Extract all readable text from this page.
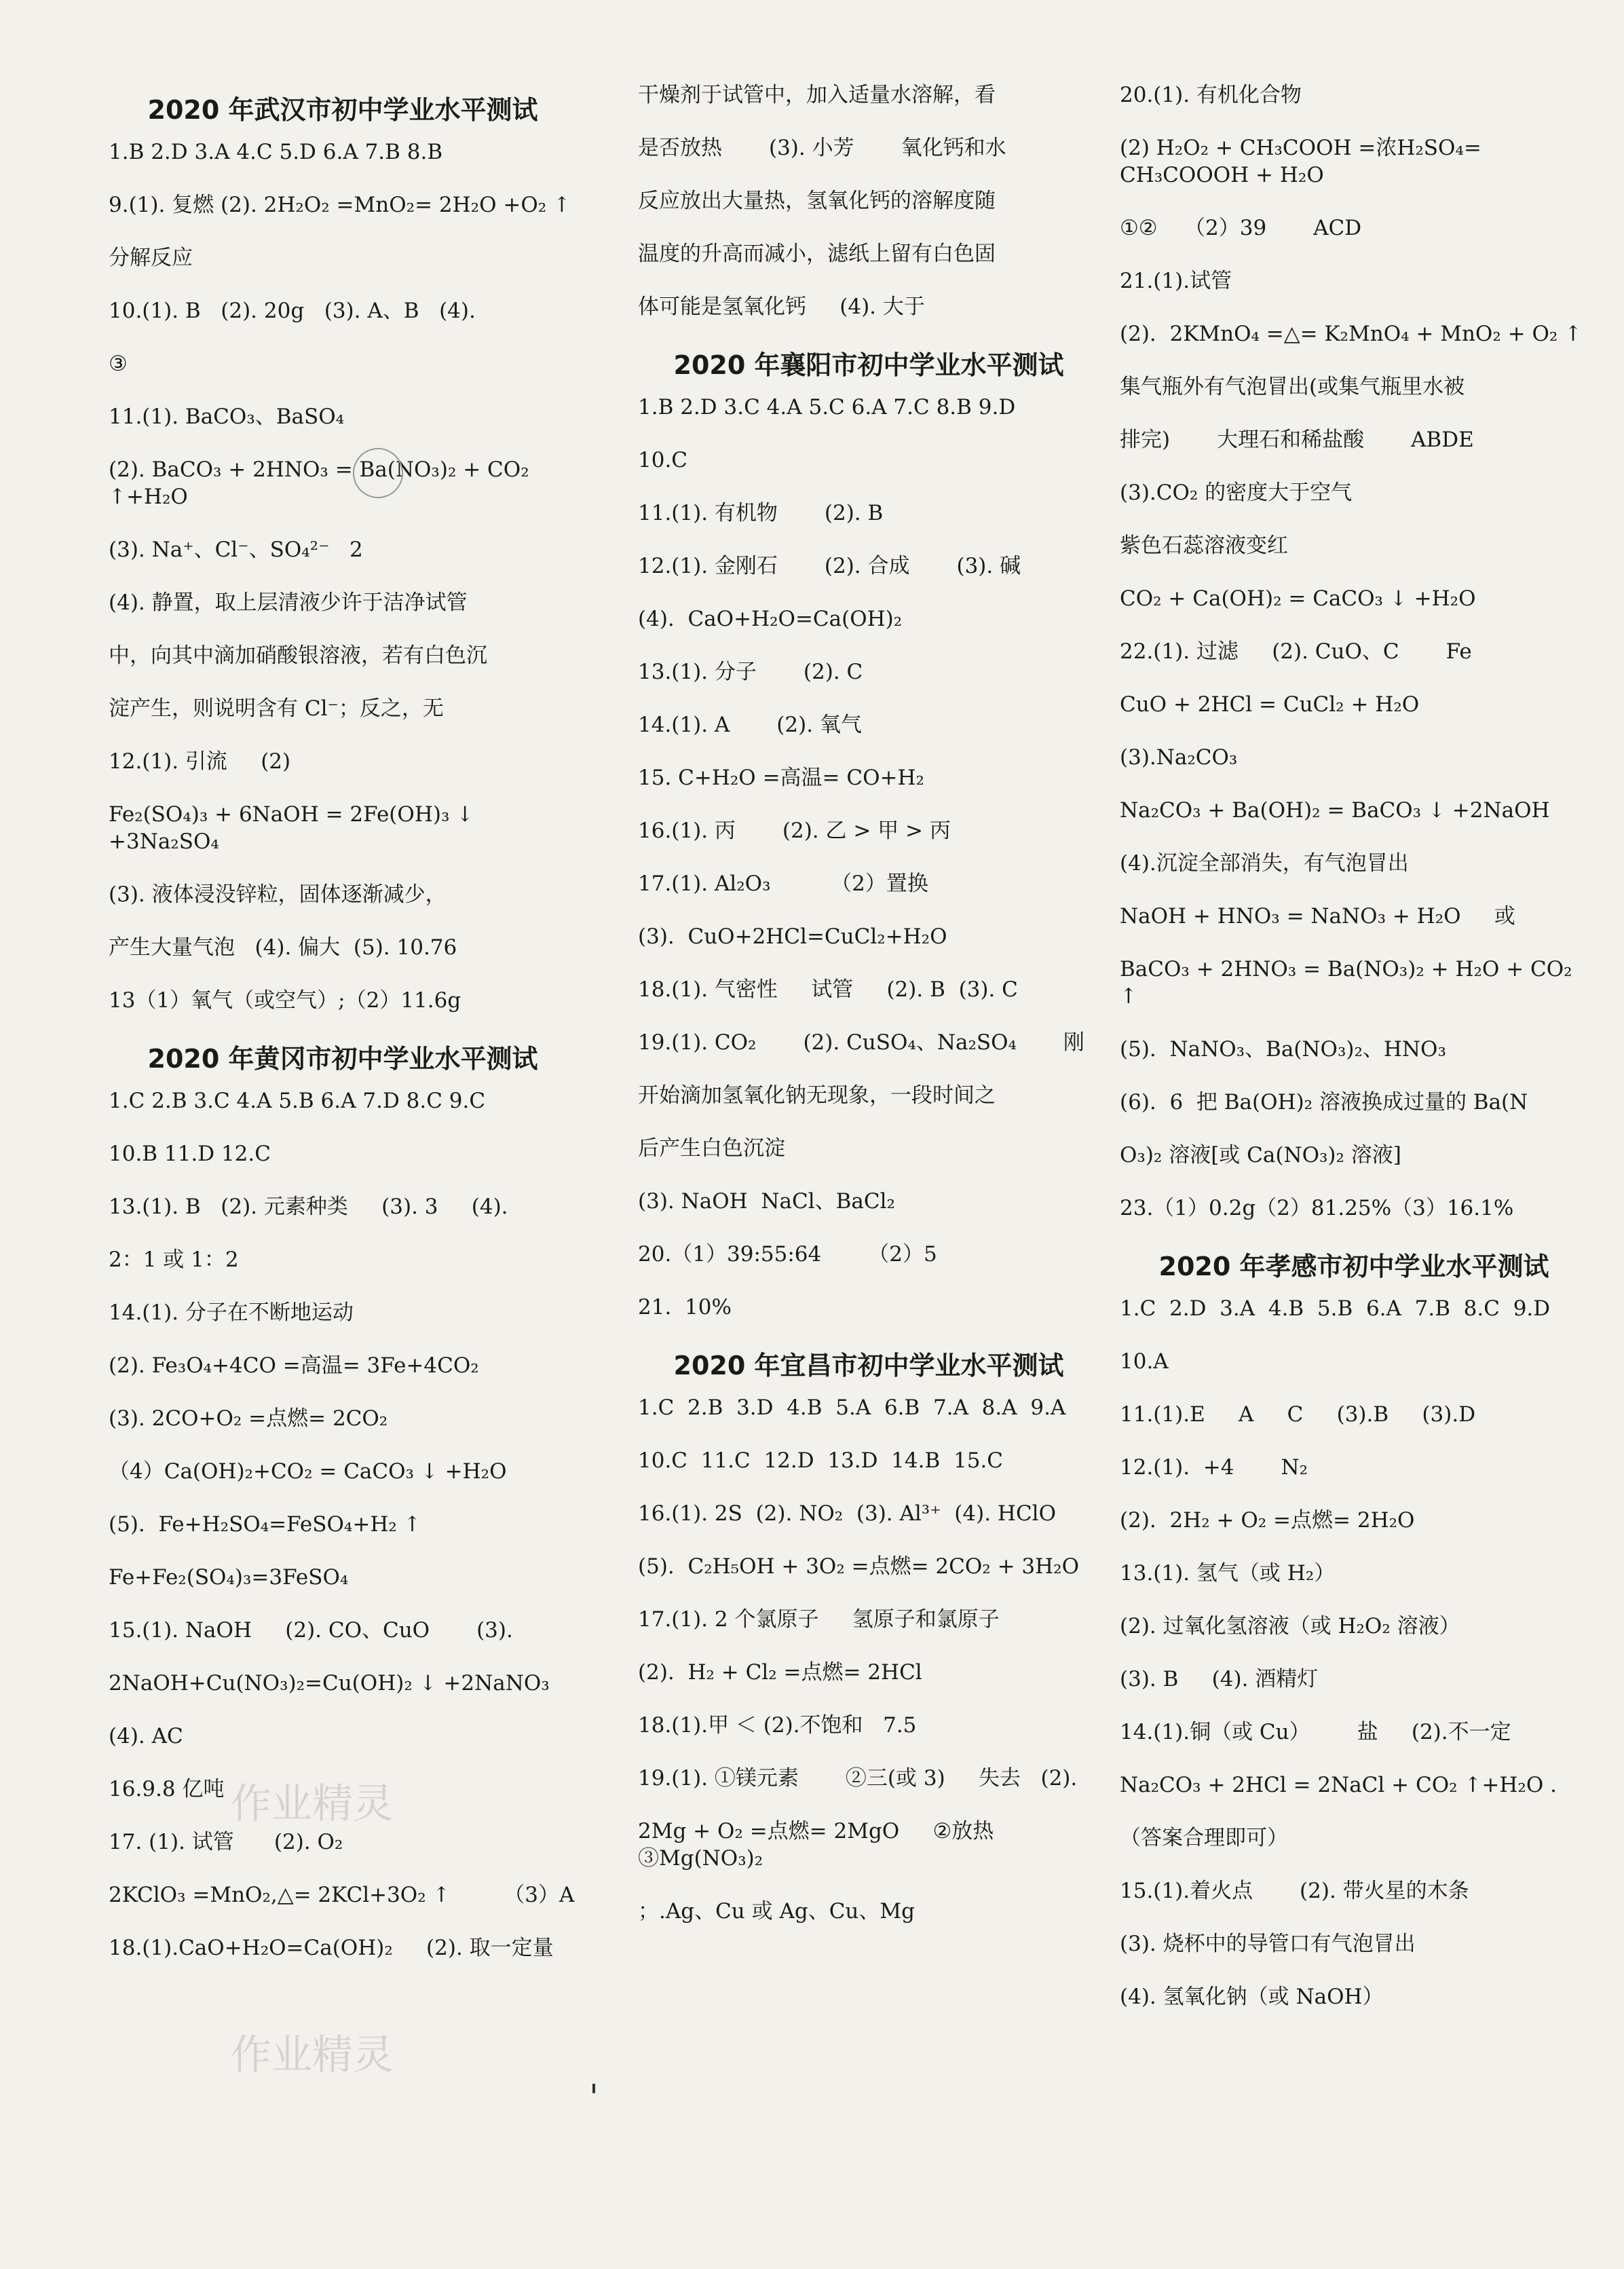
2020 年武汉市初中学业水平测试
1.B 2.D 3.A 4.C 5.D 6.A 7.B 8.B
9.(1). 复燃 (2). 2H₂O₂ =MnO₂= 2H₂O +O₂ ↑
分解反应
10.(1). B   (2). 20g   (3). A、B   (4).
③
11.(1). BaCO₃、BaSO₄
(2). BaCO₃ + 2HNO₃ = Ba(NO₃)₂ + CO₂ ↑+H₂O
(3). Na⁺、Cl⁻、SO₄²⁻   2
(4). 静置，取上层清液少许于洁净试管
中，向其中滴加硝酸银溶液，若有白色沉
淀产生，则说明含有 Cl⁻；反之，无
12.(1). 引流     (2)
Fe₂(SO₄)₃ + 6NaOH = 2Fe(OH)₃ ↓ +3Na₂SO₄
(3). 液体浸没锌粒，固体逐渐减少，
产生大量气泡   (4). 偏大  (5). 10.76
13（1）氧气（或空气）;（2）11.6g
2020 年黄冈市初中学业水平测试
1.C 2.B 3.C 4.A 5.B 6.A 7.D 8.C 9.C
10.B 11.D 12.C
13.(1). B   (2). 元素种类     (3). 3     (4).
2：1 或 1：2
14.(1). 分子在不断地运动
(2). Fe₃O₄+4CO =高温= 3Fe+4CO₂
(3). 2CO+O₂ =点燃= 2CO₂
（4）Ca(OH)₂+CO₂ = CaCO₃ ↓ +H₂O
(5).  Fe+H₂SO₄=FeSO₄+H₂ ↑
Fe+Fe₂(SO₄)₃=3FeSO₄
15.(1). NaOH     (2). CO、CuO       (3).
2NaOH+Cu(NO₃)₂=Cu(OH)₂ ↓ +2NaNO₃
(4). AC
16.9.8 亿吨
17. (1). 试管      (2). O₂
2KClO₃ =MnO₂,△= 2KCl+3O₂ ↑        （3）A
18.(1).CaO+H₂O=Ca(OH)₂     (2). 取一定量
干燥剂于试管中，加入适量水溶解，看
是否放热       (3). 小芳       氧化钙和水
反应放出大量热，氢氧化钙的溶解度随
温度的升高而减小，滤纸上留有白色固
体可能是氢氧化钙     (4). 大于
2020 年襄阳市初中学业水平测试
1.B 2.D 3.C 4.A 5.C 6.A 7.C 8.B 9.D
10.C
11.(1). 有机物       (2). B
12.(1). 金刚石       (2). 合成       (3). 碱
(4).  CaO+H₂O=Ca(OH)₂
13.(1). 分子       (2). C
14.(1). A       (2). 氧气
15. C+H₂O =高温= CO+H₂
16.(1). 丙       (2). 乙 > 甲 > 丙
17.(1). Al₂O₃         （2）置换
(3).  CuO+2HCl=CuCl₂+H₂O
18.(1). 气密性     试管     (2). B  (3). C
19.(1). CO₂       (2). CuSO₄、Na₂SO₄       刚
开始滴加氢氧化钠无现象，一段时间之
后产生白色沉淀
(3). NaOH  NaCl、BaCl₂
20.（1）39:55:64       （2）5
21.  10%
2020 年宜昌市初中学业水平测试
1.C  2.B  3.D  4.B  5.A  6.B  7.A  8.A  9.A
10.C  11.C  12.D  13.D  14.B  15.C
16.(1). 2S  (2). NO₂  (3). Al³⁺  (4). HClO
(5).  C₂H₅OH + 3O₂ =点燃= 2CO₂ + 3H₂O
17.(1). 2 个氯原子     氢原子和氯原子
(2).  H₂ + Cl₂ =点燃= 2HCl
18.(1).甲 ＜ (2).不饱和   7.5
19.(1). ①镁元素       ②三(或 3)     失去   (2).
2Mg + O₂ =点燃= 2MgO     ②放热  ③Mg(NO₃)₂
；.Ag、Cu 或 Ag、Cu、Mg
20.(1). 有机化合物
(2) H₂O₂ + CH₃COOH =浓H₂SO₄= CH₃COOOH + H₂O
①②    （2）39       ACD
21.(1).试管
(2).  2KMnO₄ =△= K₂MnO₄ + MnO₂ + O₂ ↑
集气瓶外有气泡冒出(或集气瓶里水被
排完)       大理石和稀盐酸       ABDE
(3).CO₂ 的密度大于空气
紫色石蕊溶液变红
CO₂ + Ca(OH)₂ = CaCO₃ ↓ +H₂O
22.(1). 过滤     (2). CuO、C       Fe
CuO + 2HCl = CuCl₂ + H₂O
(3).Na₂CO₃
Na₂CO₃ + Ba(OH)₂ = BaCO₃ ↓ +2NaOH
(4).沉淀全部消失，有气泡冒出
NaOH + HNO₃ = NaNO₃ + H₂O     或
BaCO₃ + 2HNO₃ = Ba(NO₃)₂ + H₂O + CO₂ ↑
(5).  NaNO₃、Ba(NO₃)₂、HNO₃
(6).  6  把 Ba(OH)₂ 溶液换成过量的 Ba(N
O₃)₂ 溶液[或 Ca(NO₃)₂ 溶液]
23.（1）0.2g（2）81.25%（3）16.1%
2020 年孝感市初中学业水平测试
1.C  2.D  3.A  4.B  5.B  6.A  7.B  8.C  9.D
10.A
11.(1).E     A     C     (3).B     (3).D
12.(1).  +4       N₂
(2).  2H₂ + O₂ =点燃= 2H₂O
13.(1). 氢气（或 H₂）
(2). 过氧化氢溶液（或 H₂O₂ 溶液）
(3). B     (4). 酒精灯
14.(1).铜（或 Cu）       盐     (2).不一定
Na₂CO₃ + 2HCl = 2NaCl + CO₂ ↑+H₂O .
（答案合理即可）
15.(1).着火点       (2). 带火星的木条
(3). 烧杯中的导管口有气泡冒出
(4). 氢氧化钠（或 NaOH）
作业精灵
作业精灵
